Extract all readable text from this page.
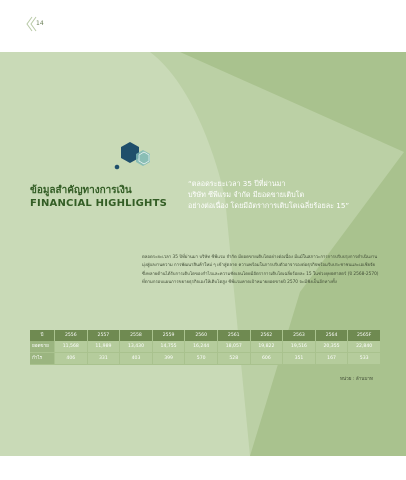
14
ข้อมูลสำคัญทางการเงิน
FINANCIAL HIGHLIGHTS
“ตลอดระยะเวลา 35 ปีที่ผ่านมา
บริษัท ซีพีแรม จำกัด มียอดขายเติบโต
อย่างต่อเนื่อง โดยมีอัตราการเติบโตเฉลี่ยร้อยละ 15”
ตลอดระยะเวลา 35 ปีที่ผ่านมา บริษัท ซีพีแรม จำกัด มียอดขายเติบโตอย่างต่อเนื่อง มีแม้ในสภาวะการการปรับปรุงการดำเนินงานมุ่งสู่ผลงานความ การพัฒนาสินค้าใหม่ ๆ เข้าสู่ตลาด ความพร้อมในการปรับตัวอาจารองต่อธุรกิจพร้อมรับประชาชนและเอเชียจัย ซึ่งหลายด้านได้รับการเติบโตของกำไรและความชัดเจนโดยมีอัตราการเติบโตเฉลี่ยร้อยละ 15 ในช่วงยุทธศาสตร์ (ปี 2568-2570) ที่ตามกรอบแผนการขยายธุรกิจเองให้เติบโตสูง ซีพีแรมคาดเป้าหมายยอดขายปี 2570 จะมีฟังเป็นอีกทางทั้ง
ปี	2556	2557	2558	2559	2560	2561	2562	2563	2564	2565F
ยอดขาย	11,568	11,989	13,430	14,755	16,244	18,057	19,822	19,516	20,355	22,840
กำไร	406	331	403	399	570	528	606	351	167	533
หน่วย : ล้านบาท
